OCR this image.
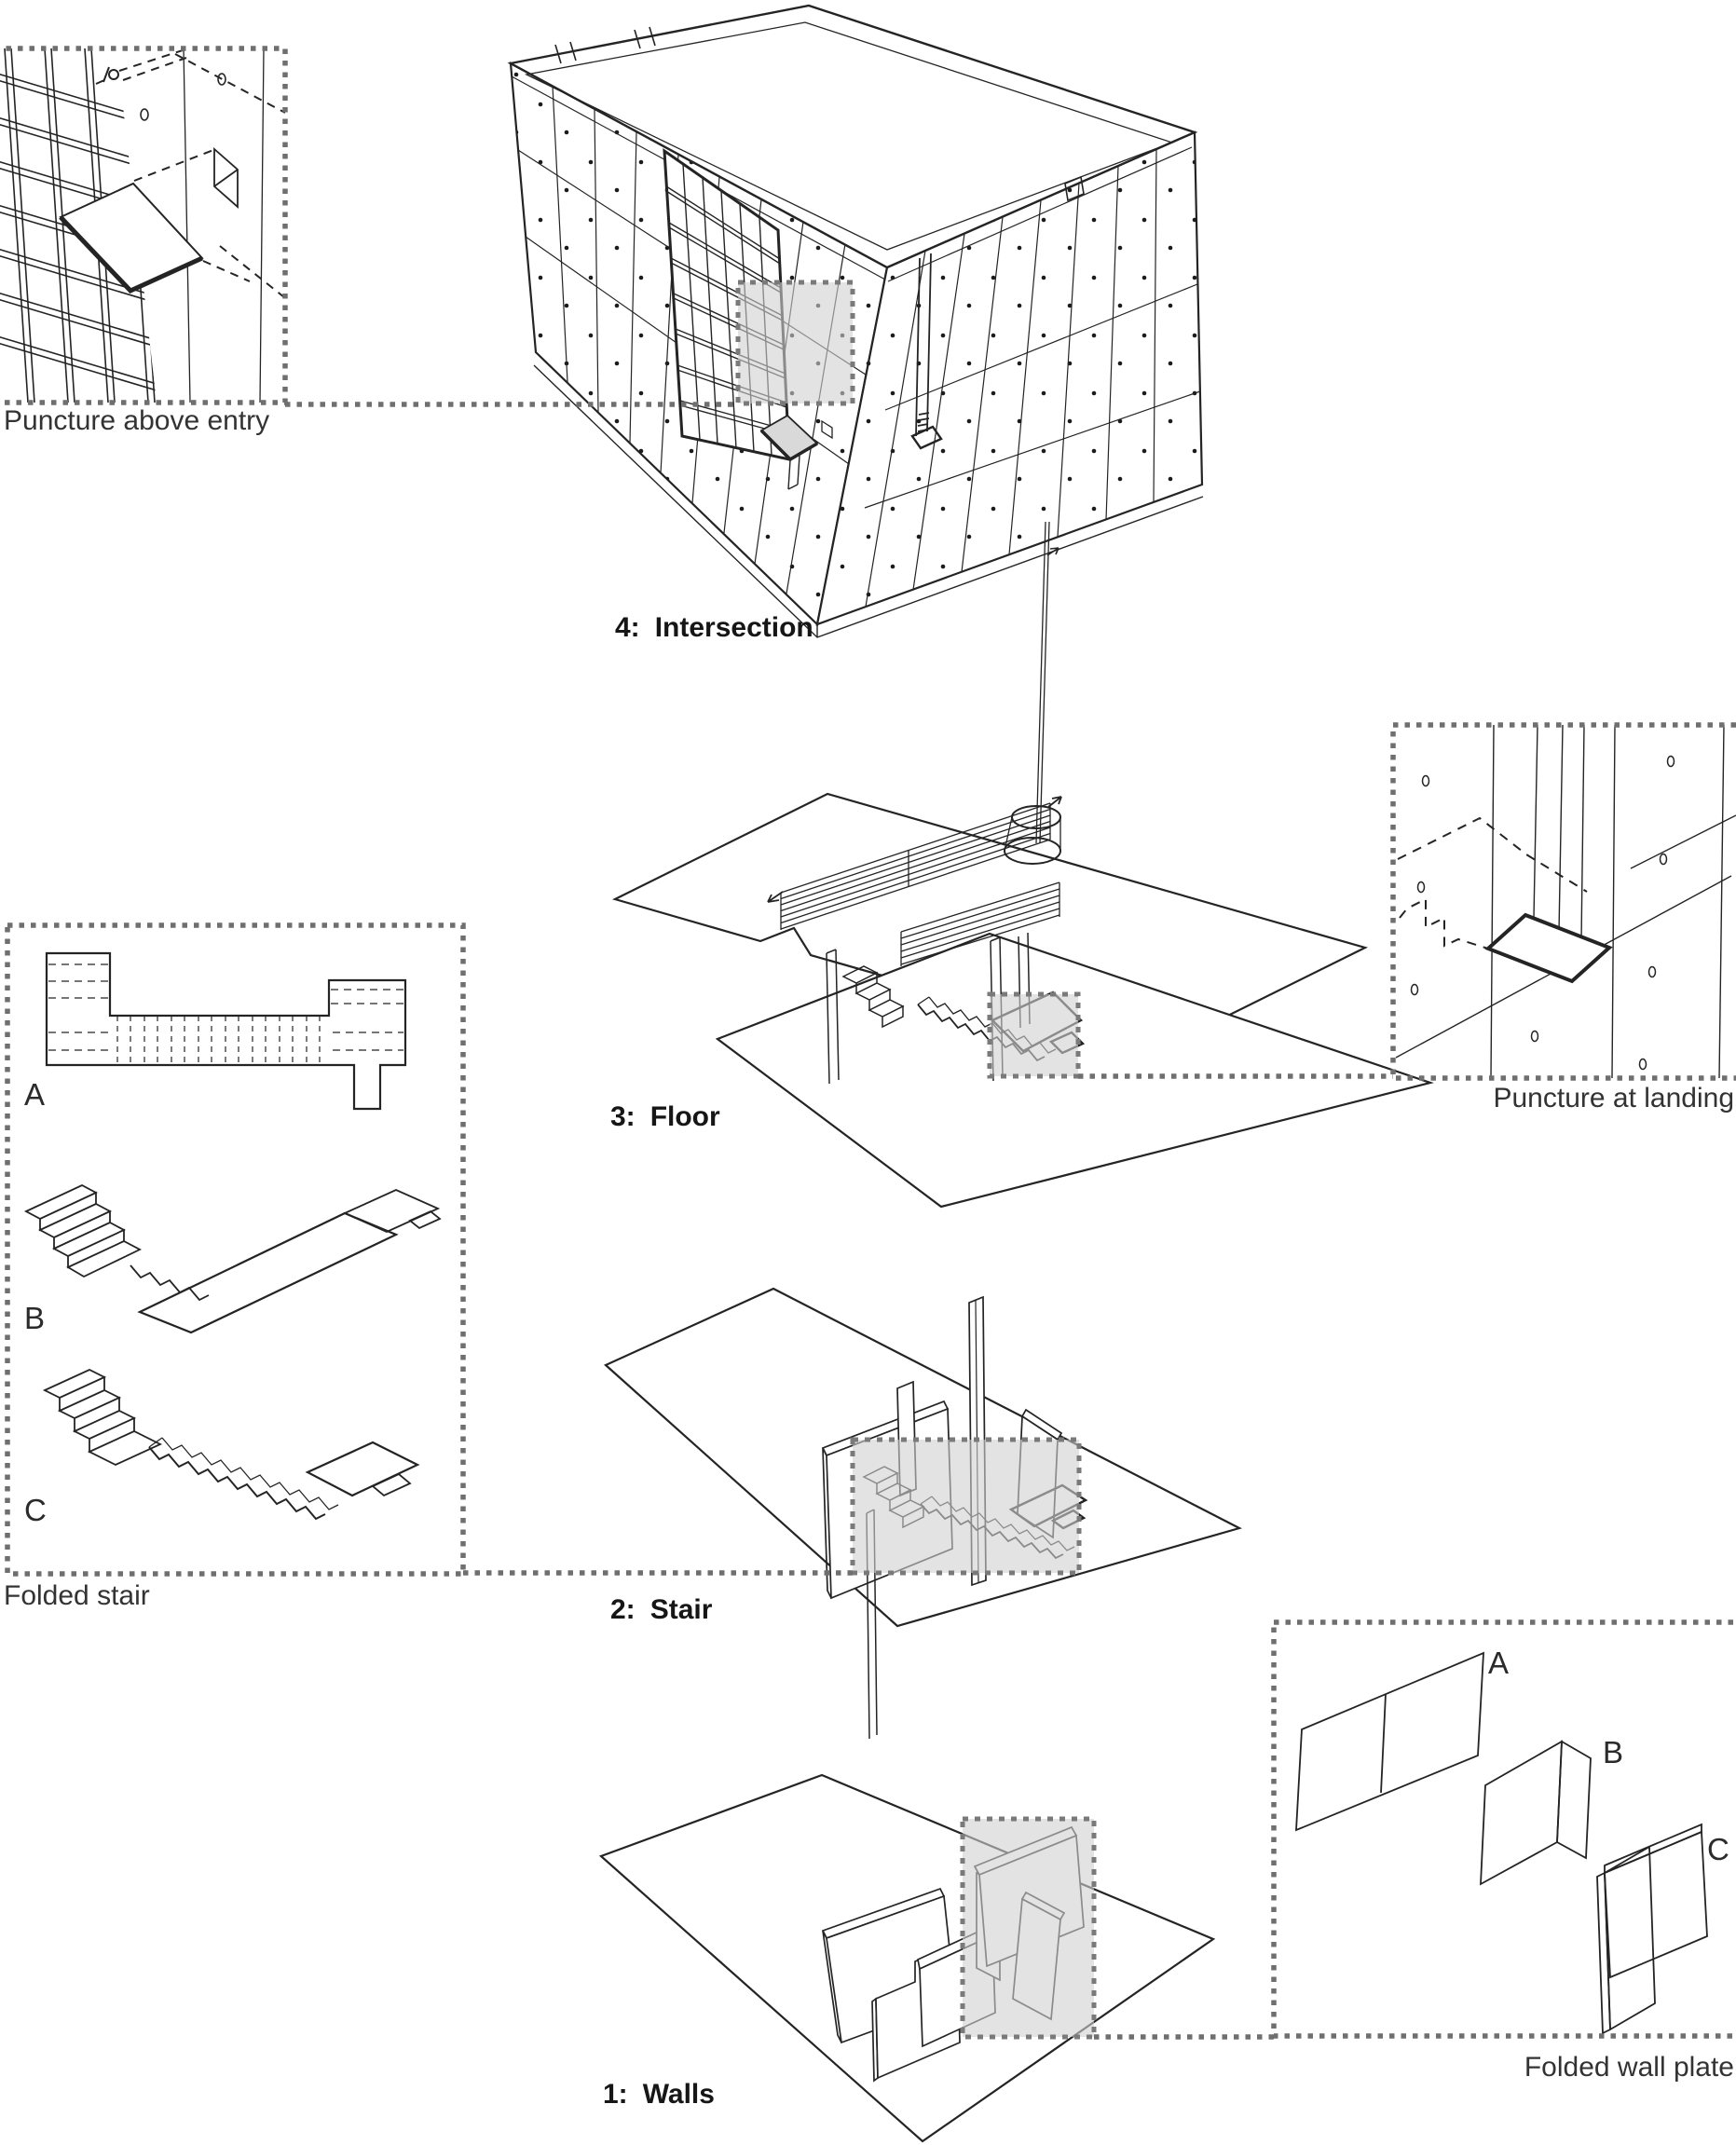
Puncture above entry
4: Intersection
3: Floor
Puncture at landing
A
B
C
Folded stair	2: Stair
A
B
C
1: Walls
Folded wall plate
